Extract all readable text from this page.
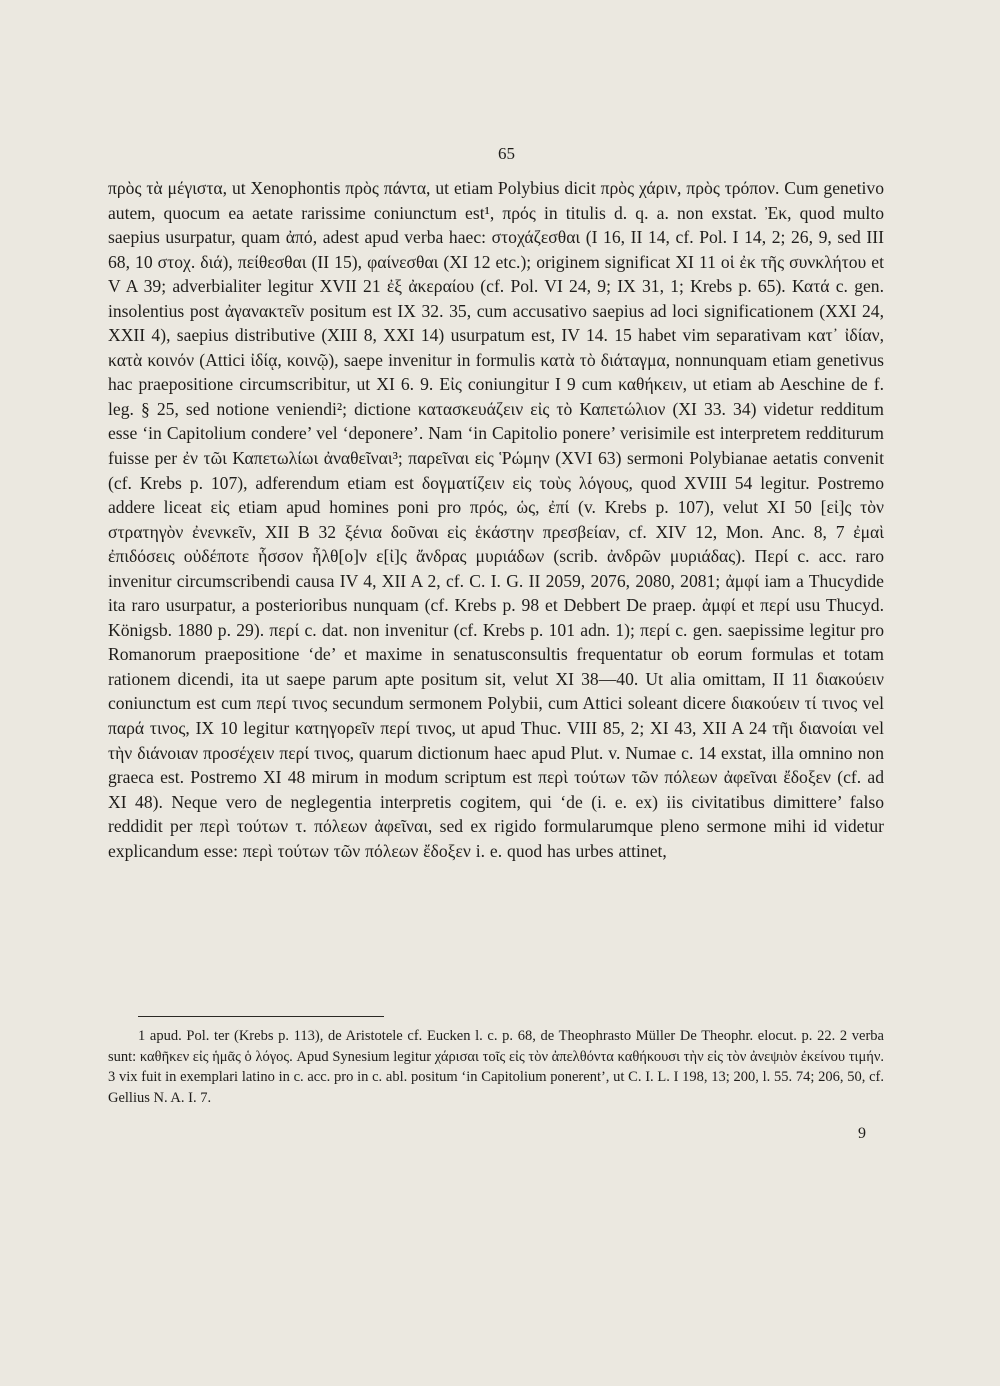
65

πρὸς τὰ μέγιστα, ut Xenophontis πρὸς πάντα, ut etiam Polybius dicit πρὸς χάριν, πρὸς τρόπον. Cum genetivo autem, quocum ea aetate rarissime coniunctum est¹, πρός in titulis d. q. a. non exstat. Ἐκ, quod multo saepius usurpatur, quam ἀπό, adest apud verba haec: στοχάζεσθαι (I 16, II 14, cf. Pol. I 14, 2; 26, 9, sed III 68, 10 στοχ. διά), πείθεσθαι (II 15), φαίνεσθαι (XI 12 etc.); originem significat XI 11 οἱ ἐκ τῆς συνκλήτου et V A 39; adverbialiter legitur XVII 21 ἐξ ἀκεραίου (cf. Pol. VI 24, 9; IX 31, 1; Krebs p. 65). Κατά c. gen. insolentius post ἀγανακτεῖν positum est IX 32. 35, cum accusativo saepius ad loci significationem (XXI 24, XXII 4), saepius distributive (XIII 8, XXI 14) usurpatum est, IV 14. 15 habet vim separativam κατ᾿ ἰδίαν, κατὰ κοινόν (Attici ἰδίᾳ, κοινῷ), saepe invenitur in formulis κατὰ τὸ διάταγμα, nonnunquam etiam genetivus hac praepositione circumscribitur, ut XI 6. 9. Εἰς coniungitur I 9 cum καθήκειν, ut etiam ab Aeschine de f. leg. § 25, sed notione veniendi²; dictione κατασκευάζειν εἰς τὸ Καπετώλιον (XI 33. 34) videtur redditum esse ‘in Capitolium condere’ vel ‘deponere’. Nam ‘in Capitolio ponere’ verisimile est interpretem redditurum fuisse per ἐν τῶι Καπετωλίωι ἀναθεῖναι³; παρεῖναι εἰς Ῥώμην (XVI 63) sermoni Polybianae aetatis convenit (cf. Krebs p. 107), adferendum etiam est δογματίζειν εἰς τοὺς λόγους, quod XVIII 54 legitur. Postremo addere liceat εἰς etiam apud homines poni pro πρός, ὡς, ἐπί (v. Krebs p. 107), velut XI 50 [εἰ]ς τὸν στρατηγὸν ἐνενκεῖν, XII B 32 ξένια δοῦναι εἰς ἑκάστην πρεσβείαν, cf. XIV 12, Mon. Anc. 8, 7 ἐμαὶ ἐπιδόσεις οὐδέποτε ἧσσον ἦλθ[ο]ν ε[ἰ]ς ἄνδρας μυριάδων (scrib. ἀνδρῶν μυριάδας). Περί c. acc. raro invenitur circumscribendi causa IV 4, XII A 2, cf. C. I. G. II 2059, 2076, 2080, 2081; ἀμφί iam a Thucydide ita raro usurpatur, a posterioribus nunquam (cf. Krebs p. 98 et Debbert De praep. ἀμφί et περί usu Thucyd. Königsb. 1880 p. 29). περί c. dat. non invenitur (cf. Krebs p. 101 adn. 1); περί c. gen. saepissime legitur pro Romanorum praepositione ‘de’ et maxime in senatusconsultis frequentatur ob eorum formulas et totam rationem dicendi, ita ut saepe parum apte positum sit, velut XI 38—40. Ut alia omittam, II 11 διακούειν coniunctum est cum περί τινος secundum sermonem Polybii, cum Attici soleant dicere διακούειν τί τινος vel παρά τινος, IX 10 legitur κατηγορεῖν περί τινος, ut apud Thuc. VIII 85, 2; XI 43, XII A 24 τῆι διανοίαι vel τὴν διάνοιαν προσέχειν περί τινος, quarum dictionum haec apud Plut. v. Numae c. 14 exstat, illa omnino non graeca est. Postremo XI 48 mirum in modum scriptum est περὶ τούτων τῶν πόλεων ἀφεῖναι ἔδοξεν (cf. ad XI 48). Neque vero de neglegentia interpretis cogitem, qui ‘de (i. e. ex) iis civitatibus dimittere’ falso reddidit per περὶ τούτων τ. πόλεων ἀφεῖναι, sed ex rigido formularumque pleno sermone mihi id videtur explicandum esse: περὶ τούτων τῶν πόλεων ἔδοξεν i. e. quod has urbes attinet,

1 apud. Pol. ter (Krebs p. 113), de Aristotele cf. Eucken l. c. p. 68, de Theophrasto Müller De Theophr. elocut. p. 22. 2 verba sunt: καθῆκεν εἰς ἡμᾶς ὁ λόγος. Apud Synesium legitur χάρισαι τοῖς εἰς τὸν ἀπελθόντα καθήκουσι τὴν εἰς τὸν ἀνεψιὸν ἐκείνου τιμήν. 3 vix fuit in exemplari latino in c. acc. pro in c. abl. positum ‘in Capitolium ponerent’, ut C. I. L. I 198, 13; 200, l. 55. 74; 206, 50, cf. Gellius N. A. I. 7.

9
